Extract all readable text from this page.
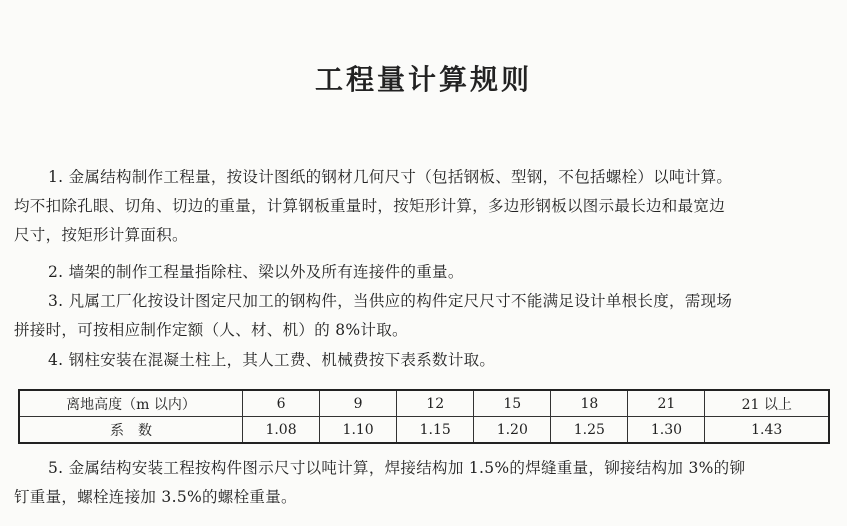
工程量计算规则
1. 金属结构制作工程量，按设计图纸的钢材几何尺寸（包括钢板、型钢，不包括螺栓）以吨计算。
均不扣除孔眼、切角、切边的重量，计算钢板重量时，按矩形计算，多边形钢板以图示最长边和最宽边
尺寸，按矩形计算面积。
2. 墙架的制作工程量指除柱、梁以外及所有连接件的重量。
3. 凡属工厂化按设计图定尺加工的钢构件，当供应的构件定尺尺寸不能满足设计单根长度，需现场
拼接时，可按相应制作定额（人、材、机）的 8%计取。
4. 钢柱安装在混凝土柱上，其人工费、机械费按下表系数计取。
离地高度（m 以内）	6	9	12	15	18	21	21 以上
系　数	1.08	1.10	1.15	1.20	1.25	1.30	1.43
5. 金属结构安装工程按构件图示尺寸以吨计算，焊接结构加 1.5%的焊缝重量，铆接结构加 3%的铆
钉重量，螺栓连接加 3.5%的螺栓重量。
